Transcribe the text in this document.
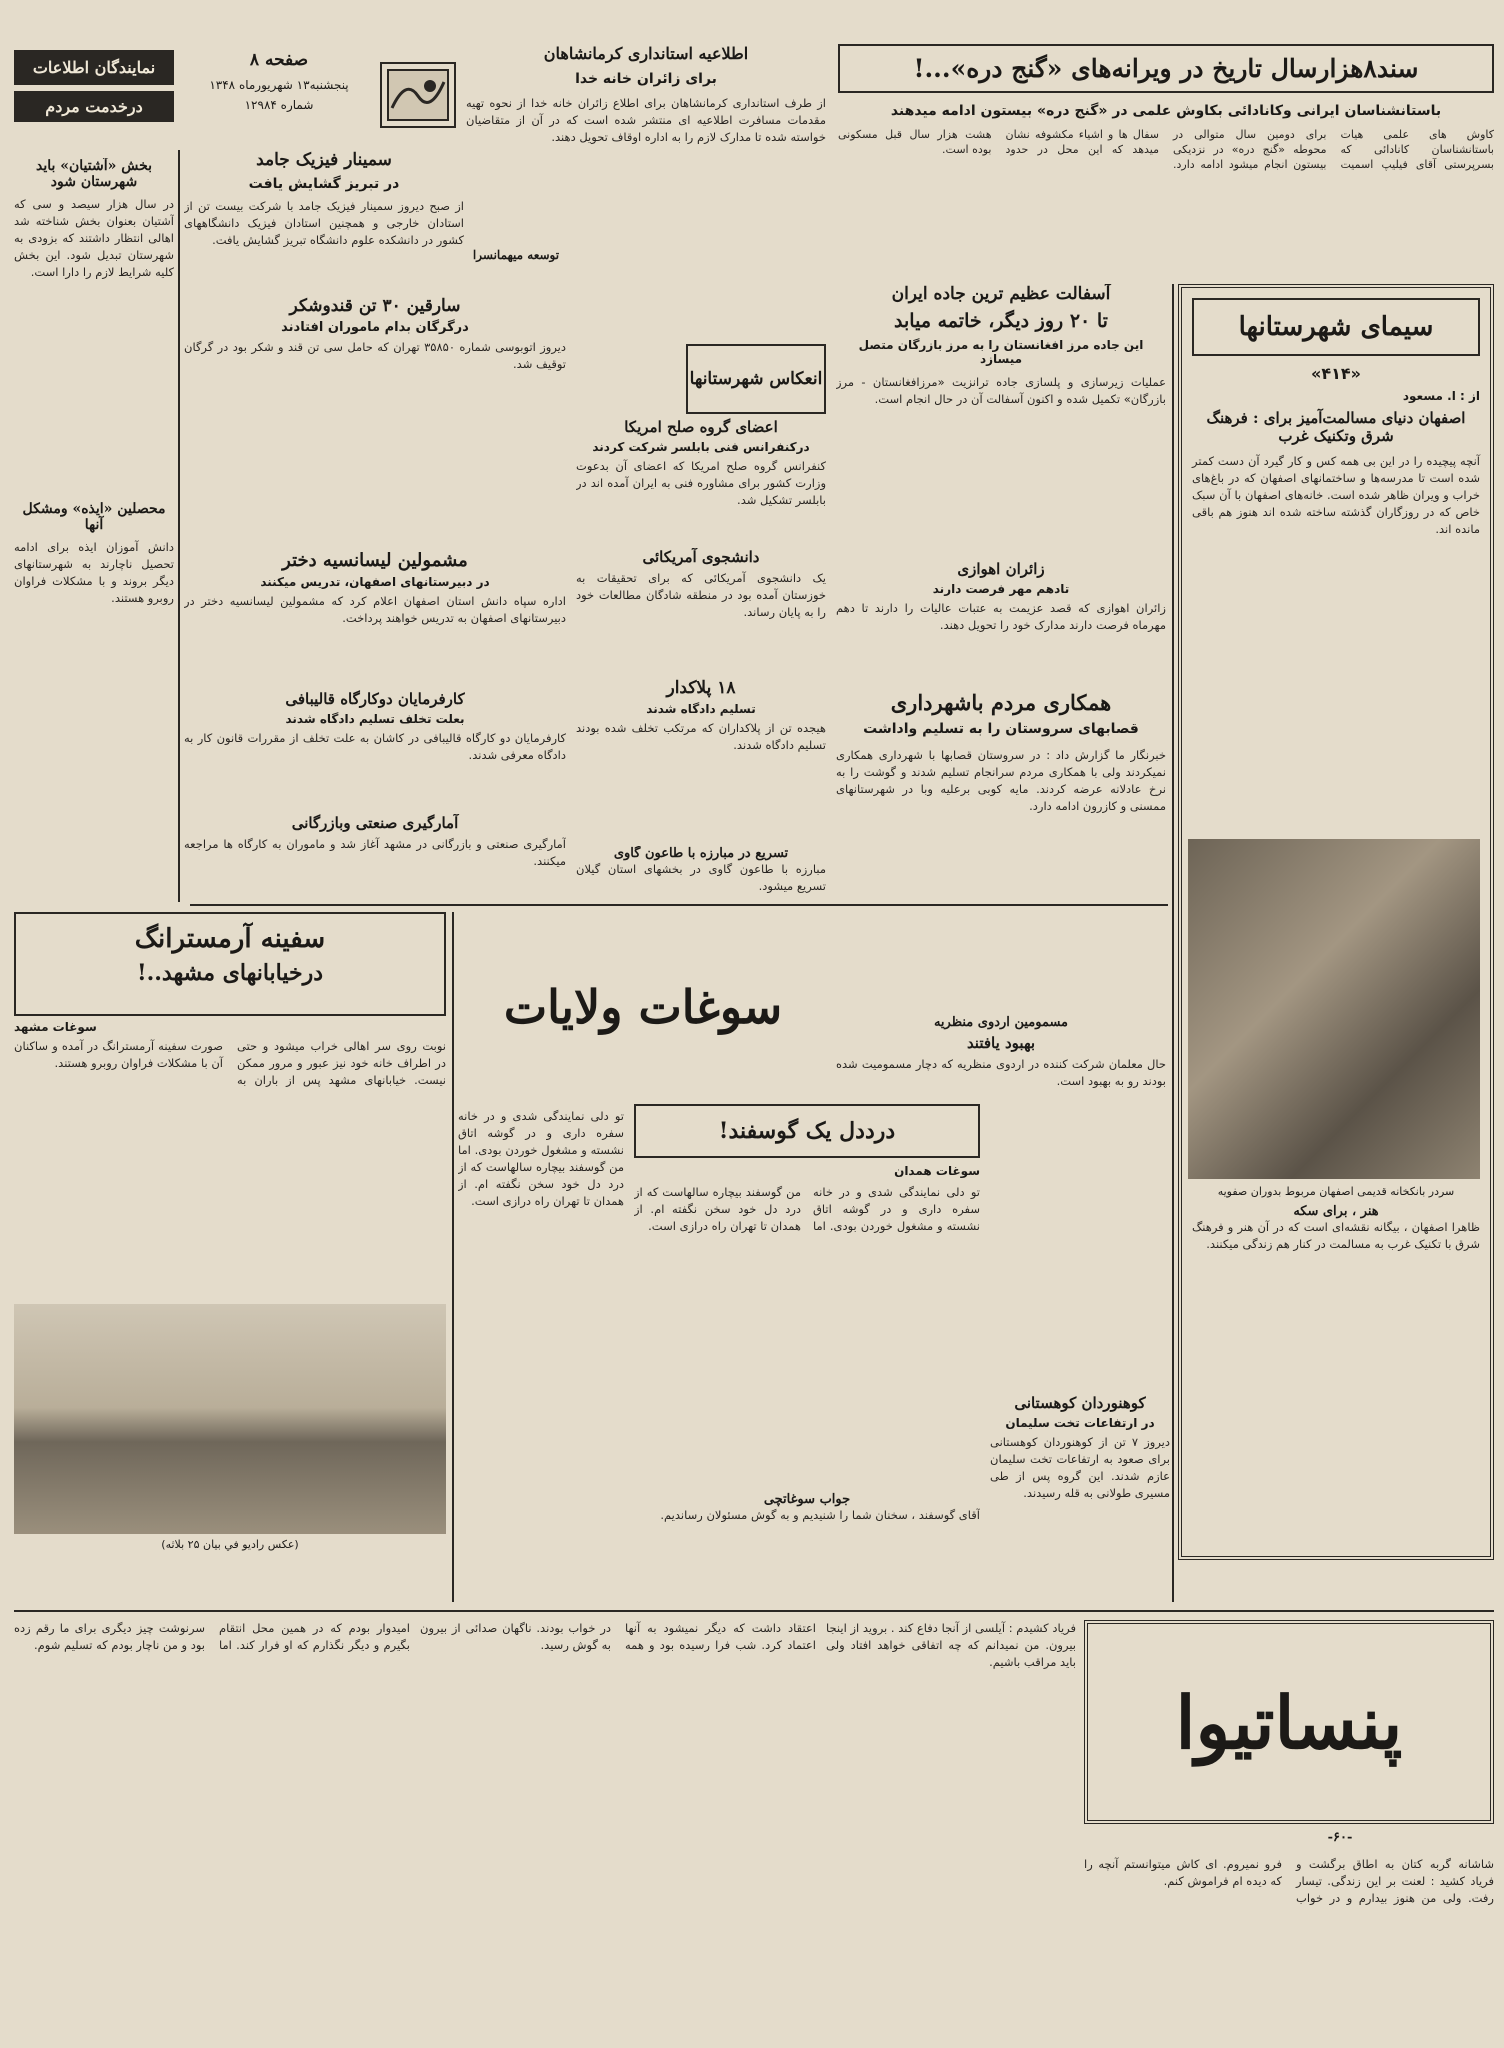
نمایندگان اطلاعات
درخدمت مردم
صفحه ۸
پنجشنبه۱۳ شهریورماه ۱۳۴۸
شماره ۱۲۹۸۴
اطلاعیه استانداری کرمانشاهان
برای زائران خانه خدا
از طرف استانداری کرمانشاهان برای اطلاع زائران خانه خدا از نحوه تهیه مقدمات مسافرت اطلاعیه ای منتشر شده است که در آن از متقاضیان خواسته شده تا مدارک لازم را به اداره اوقاف تحویل دهند.
سند۸هزارسال تاریخ در ویرانه‌های «گنج دره»...!
باستانشناسان ایرانی وکانادائی بکاوش علمی در «گنج دره» بیستون ادامه میدهند
کاوش های علمی هیات باستانشناسان کانادائی که بسرپرستی آقای فیلیپ اسمیت برای دومین سال متوالی در محوطه «گنج دره» در نزدیکی بیستون انجام میشود ادامه دارد. سفال ها و اشیاء مکشوفه نشان میدهد که این محل در حدود هشت هزار سال قبل مسکونی بوده است.
سمینار فیزیک جامد
در تبریز گشایش یافت
از صبح دیروز سمینار فیزیک جامد با شرکت بیست تن از استادان خارجی و همچنین استادان فیزیک دانشگاههای کشور در دانشکده علوم دانشگاه تبریز گشایش یافت.
بخش «آشتیان» باید شهرستان شود
در سال هزار سیصد و سی که آشتیان بعنوان بخش شناخته شد اهالی انتظار داشتند که بزودی به شهرستان تبدیل شود. این بخش کلیه شرایط لازم را دارا است.
محصلین «ایذه» ومشکل آنها
دانش آموزان ایذه برای ادامه تحصیل ناچارند به شهرستانهای دیگر بروند و با مشکلات فراوان روبرو هستند.
آسفالت عظیم ترین جاده ایران
تا ۲۰ روز دیگر، خاتمه میابد
این جاده مرز افغانستان را به مرز بازرگان متصل میسازد
عملیات زیرسازی و پلسازی جاده ترانزیت «مرزافغانستان - مرز بازرگان» تکمیل شده و اکنون آسفالت آن در حال انجام است.
سیمای شهرستانها
«۴۱۴»
از : ا. مسعود
اصفهان دنیای مسالمت‌آمیز برای : فرهنگ شرق وتکنیک غرب
آنچه پیچیده را در این بی همه کس و کار گیرد آن دست کمتر شده است تا مدرسه‌ها و ساختمانهای اصفهان که در باغ‌های خراب و ویران ظاهر شده است. خانه‌های اصفهان با آن سبک خاص که در روزگاران گذشته ساخته شده اند هنوز هم باقی مانده اند.
سردر بانکخانه قدیمی اصفهان مربوط بدوران صفویه
هنر ، برای سکه
ظاهرا اصفهان ، بیگانه نقشه‌ای است که در آن هنر و فرهنگ شرق با تکنیک غرب به مسالمت در کنار هم زندگی میکنند.
انعکاس شهرستانها
اعضای گروه صلح امریکا
درکنفرانس فنی بابلسر شرکت کردند
کنفرانس گروه صلح امریکا که اعضای آن بدعوت وزارت کشور برای مشاوره فنی به ایران آمده اند در بابلسر تشکیل شد.
زائران اهوازی
تادهم مهر فرصت دارند
زائران اهوازی که قصد عزیمت به عتبات عالیات را دارند تا دهم مهرماه فرصت دارند مدارک خود را تحویل دهند.
دانشجوی آمریکائی
یک دانشجوی آمریکائی که برای تحقیقات به خوزستان آمده بود در منطقه شادگان مطالعات خود را به پایان رساند.
۱۸ پلاکدار
تسلیم دادگاه شدند
هیجده تن از پلاکداران که مرتکب تخلف شده بودند تسلیم دادگاه شدند.
سارقین ۳۰ تن قندوشکر
درگرگان بدام ماموران افتادند
دیروز اتوبوسی شماره ۳۵۸۵۰ تهران که حامل سی تن قند و شکر بود در گرگان توقیف شد.
مشمولین لیسانسیه دختر
در دبیرستانهای اصفهان، تدریس میکنند
اداره سپاه دانش استان اصفهان اعلام کرد که مشمولین لیسانسیه دختر در دبیرستانهای اصفهان به تدریس خواهند پرداخت.
کارفرمایان دوکارگاه قالیبافی
بعلت تخلف تسلیم دادگاه شدند
کارفرمایان دو کارگاه قالیبافی در کاشان به علت تخلف از مقررات قانون کار به دادگاه معرفی شدند.
آمارگیری صنعتی وبازرگانی
آمارگیری صنعتی و بازرگانی در مشهد آغاز شد و ماموران به کارگاه ها مراجعه میکنند.
توسعه میهمانسرا
تسریع در مبارزه با طاعون گاوی
مبارزه با طاعون گاوی در بخشهای استان گیلان تسریع میشود.
همکاری مردم باشهرداری
قصابهای سروستان را به تسلیم واداشت
خبرنگار ما گزارش داد : در سروستان قصابها با شهرداری همکاری نمیکردند ولی با همکاری مردم سرانجام تسلیم شدند و گوشت را به نرخ عادلانه عرضه کردند. مایه کوبی برعلیه وبا در شهرستانهای ممسنی و کازرون ادامه دارد.
مسمومین اردوی منظریه
بهبود یافتند
حال معلمان شرکت کننده در اردوی منظریه که دچار مسمومیت شده بودند رو به بهبود است.
سفینه آرمسترانگ
درخیابانهای مشهد..!
سوغات مشهد
نوبت روی سر اهالی خراب میشود و حتی در اطراف خانه خود نیز عبور و مرور ممکن نیست. خیابانهای مشهد پس از باران به صورت سفینه آرمسترانگ در آمده و ساکنان آن با مشکلات فراوان روبرو هستند.
(عکس راديو في بيان ۲۵ بلاثه)
سوغات ولایات
درددل یک گوسفند!
سوغات همدان
تو دلی نمایندگی شدی و در خانه سفره داری و در گوشه اتاق نشسته و مشغول خوردن بودی. اما من گوسفند بیچاره سالهاست که از درد دل خود سخن نگفته ام. از همدان تا تهران راه درازی است.
جواب سوغاتچی
آقای گوسفند ، سخنان شما را شنیدیم و به گوش مسئولان رساندیم.
تو دلی نمایندگی شدی و در خانه سفره داری و در گوشه اتاق نشسته و مشغول خوردن بودی. اما من گوسفند بیچاره سالهاست که از درد دل خود سخن نگفته ام. از همدان تا تهران راه درازی است.
کوهنوردان کوهستانی
در ارتفاعات تخت سلیمان
دیروز ۷ تن از کوهنوردان کوهستانی برای صعود به ارتفاعات تخت سلیمان عازم شدند. این گروه پس از طی مسیری طولانی به قله رسیدند.
پنساتیوا
-۶۰-
شاشانه گربه کتان به اطاق برگشت و فریاد کشید : لعنت بر این زندگی. تیسار رفت. ولی من هنوز بیدارم و در خواب فرو نمیروم. ای کاش میتوانستم آنچه را که دیده ام فراموش کنم.
فریاد کشیدم : آیلسی از آنجا دفاع کند . بروید از اینجا بیرون. من نمیدانم که چه اتفاقی خواهد افتاد ولی باید مراقب باشیم.
اعتقاد داشت که دیگر نمیشود به آنها اعتماد کرد. شب فرا رسیده بود و همه در خواب بودند. ناگهان صدائی از بیرون به گوش رسید.
امیدوار بودم که در همین محل انتقام بگیرم و دیگر نگذارم که او فرار کند. اما سرنوشت چیز دیگری برای ما رقم زده بود و من ناچار بودم که تسلیم شوم.
